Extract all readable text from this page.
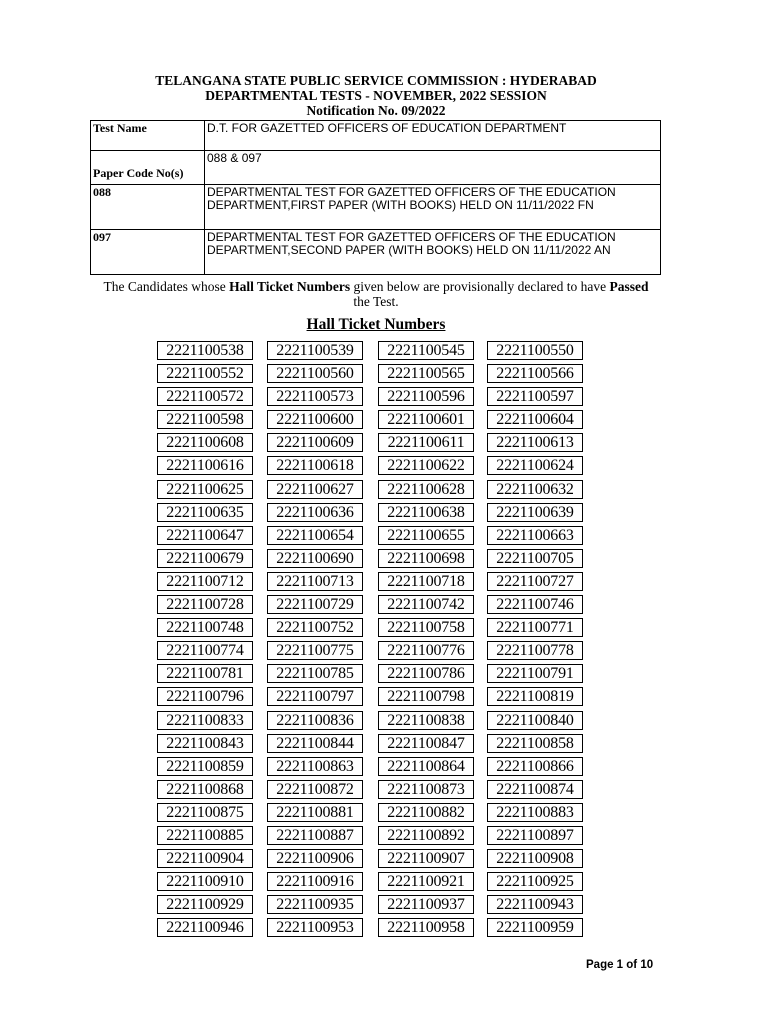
TELANGANA STATE PUBLIC SERVICE COMMISSION : HYDERABAD
DEPARTMENTAL TESTS - NOVEMBER, 2022 SESSION
Notification No. 09/2022
Test Name	D.T. FOR GAZETTED OFFICERS OF EDUCATION DEPARTMENT
Paper Code No(s)	088 & 097
088	DEPARTMENTAL TEST FOR GAZETTED OFFICERS OF THE EDUCATION DEPARTMENT,FIRST PAPER (WITH BOOKS) HELD ON 11/11/2022 FN
097	DEPARTMENTAL TEST FOR GAZETTED OFFICERS OF THE EDUCATION DEPARTMENT,SECOND PAPER (WITH BOOKS) HELD ON 11/11/2022 AN
The Candidates whose Hall Ticket Numbers given below are provisionally declared to have Passed the Test.
Hall Ticket Numbers
2221100538	2221100539	2221100545	2221100550
2221100552	2221100560	2221100565	2221100566
2221100572	2221100573	2221100596	2221100597
2221100598	2221100600	2221100601	2221100604
2221100608	2221100609	2221100611	2221100613
2221100616	2221100618	2221100622	2221100624
2221100625	2221100627	2221100628	2221100632
2221100635	2221100636	2221100638	2221100639
2221100647	2221100654	2221100655	2221100663
2221100679	2221100690	2221100698	2221100705
2221100712	2221100713	2221100718	2221100727
2221100728	2221100729	2221100742	2221100746
2221100748	2221100752	2221100758	2221100771
2221100774	2221100775	2221100776	2221100778
2221100781	2221100785	2221100786	2221100791
2221100796	2221100797	2221100798	2221100819
2221100833	2221100836	2221100838	2221100840
2221100843	2221100844	2221100847	2221100858
2221100859	2221100863	2221100864	2221100866
2221100868	2221100872	2221100873	2221100874
2221100875	2221100881	2221100882	2221100883
2221100885	2221100887	2221100892	2221100897
2221100904	2221100906	2221100907	2221100908
2221100910	2221100916	2221100921	2221100925
2221100929	2221100935	2221100937	2221100943
2221100946	2221100953	2221100958	2221100959
Page 1 of 10
